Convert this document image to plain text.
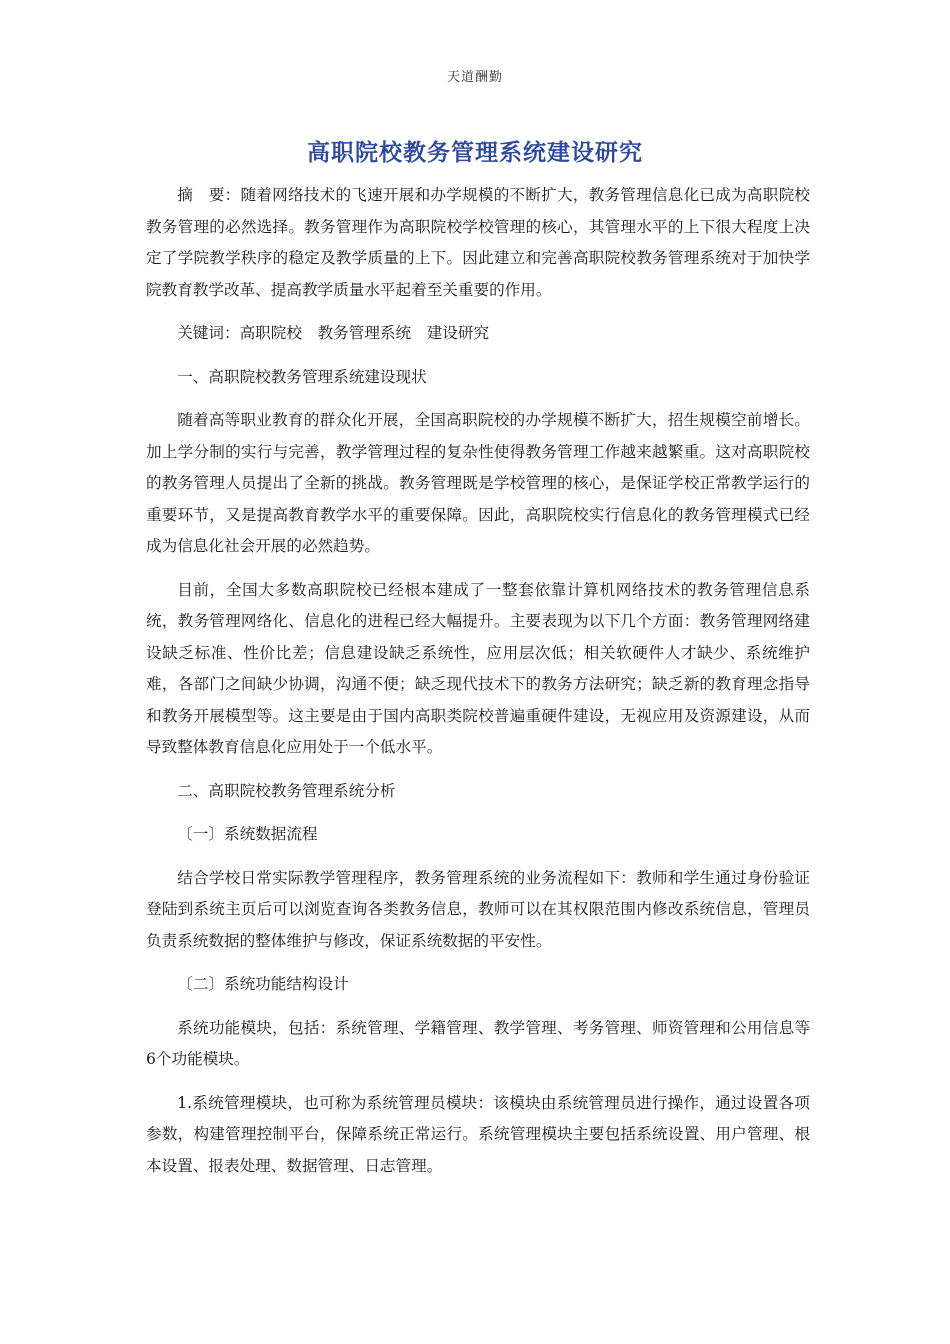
天道酬勤
高职院校教务管理系统建设研究

摘　要：随着网络技术的飞速开展和办学规模的不断扩大，教务管理信息化已成为高职院校教务管理的必然选择。教务管理作为高职院校学校管理的核心，其管理水平的上下很大程度上决定了学院教学秩序的稳定及教学质量的上下。因此建立和完善高职院校教务管理系统对于加快学院教育教学改革、提高教学质量水平起着至关重要的作用。

关键词：高职院校　教务管理系统　建设研究

一、高职院校教务管理系统建设现状

随着高等职业教育的群众化开展，全国高职院校的办学规模不断扩大，招生规模空前增长。加上学分制的实行与完善，教学管理过程的复杂性使得教务管理工作越来越繁重。这对高职院校的教务管理人员提出了全新的挑战。教务管理既是学校管理的核心，是保证学校正常教学运行的重要环节，又是提高教育教学水平的重要保障。因此，高职院校实行信息化的教务管理模式已经成为信息化社会开展的必然趋势。

目前，全国大多数高职院校已经根本建成了一整套依靠计算机网络技术的教务管理信息系统，教务管理网络化、信息化的进程已经大幅提升。主要表现为以下几个方面：教务管理网络建设缺乏标准、性价比差；信息建设缺乏系统性，应用层次低；相关软硬件人才缺少、系统维护难，各部门之间缺少协调，沟通不便；缺乏现代技术下的教务方法研究；缺乏新的教育理念指导和教务开展模型等。这主要是由于国内高职类院校普遍重硬件建设，无视应用及资源建设，从而导致整体教育信息化应用处于一个低水平。

二、高职院校教务管理系统分析

〔一〕系统数据流程

结合学校日常实际教学管理程序，教务管理系统的业务流程如下：教师和学生通过身份验证登陆到系统主页后可以浏览查询各类教务信息，教师可以在其权限范围内修改系统信息，管理员负责系统数据的整体维护与修改，保证系统数据的平安性。

〔二〕系统功能结构设计

系统功能模块，包括：系统管理、学籍管理、教学管理、考务管理、师资管理和公用信息等6个功能模块。

1.系统管理模块，也可称为系统管理员模块：该模块由系统管理员进行操作，通过设置各项参数，构建管理控制平台，保障系统正常运行。系统管理模块主要包括系统设置、用户管理、根本设置、报表处理、数据管理、日志管理。
